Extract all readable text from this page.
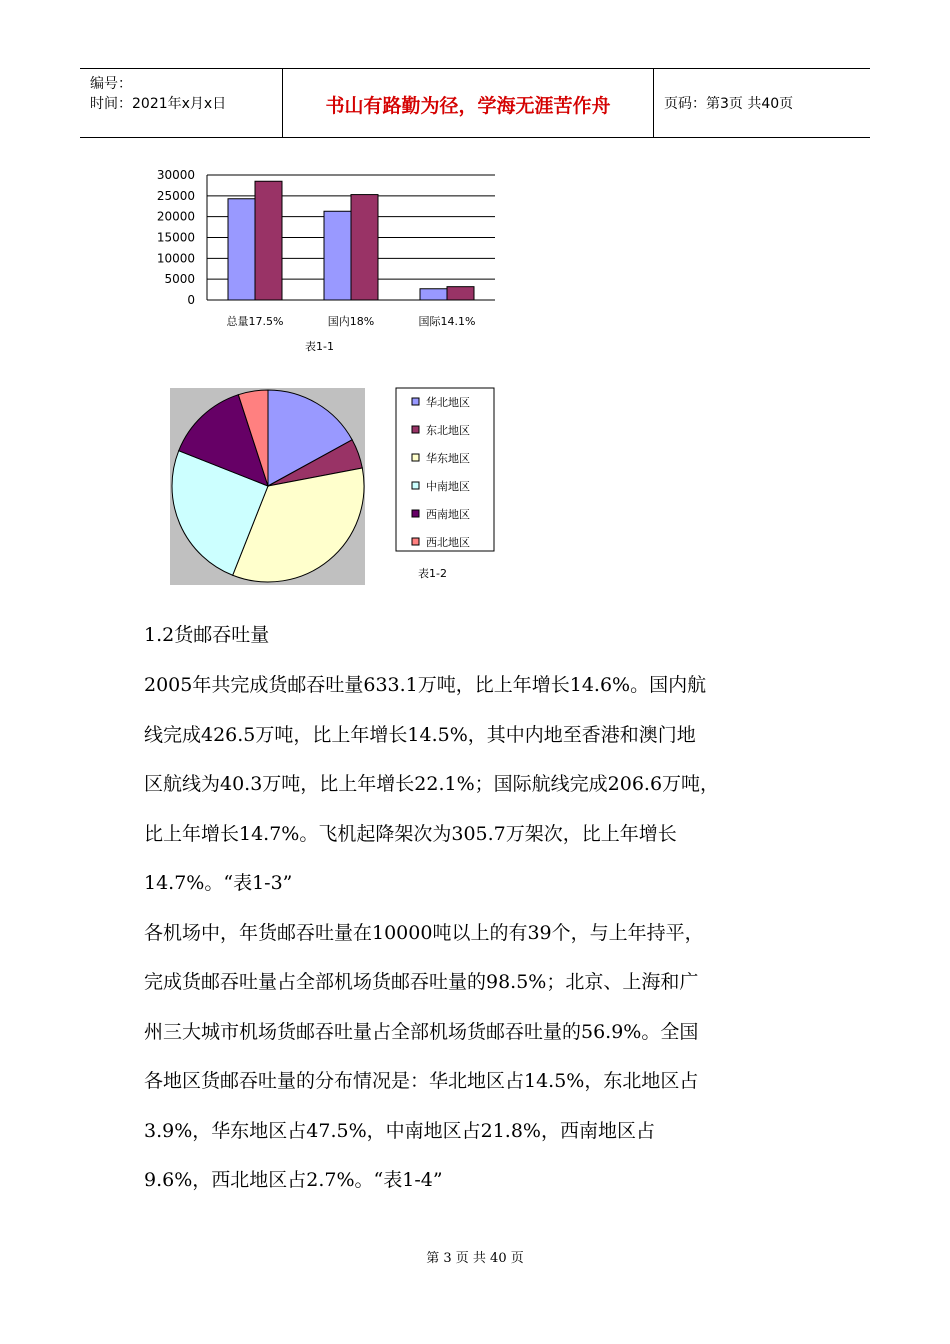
编号：
时间：2021年x月x日	书山有路勤为径，学海无涯苦作舟	页码：第3页 共40页
30000
25000
20000
15000
10000
5000
0
总量17.5%	国内18%	国际14.1%
表1-1
华北地区
东北地区
华东地区
中南地区
西南地区
西北地区
表1-2
1.2货邮吞吐量
2005年共完成货邮吞吐量633.1万吨，比上年增长14.6%。国内航
线完成426.5万吨，比上年增长14.5%，其中内地至香港和澳门地
区航线为40.3万吨，比上年增长22.1%；国际航线完成206.6万吨，
比上年增长14.7%。飞机起降架次为305.7万架次，比上年增长
14.7%。“表1-3”
各机场中，年货邮吞吐量在10000吨以上的有39个，与上年持平，
完成货邮吞吐量占全部机场货邮吞吐量的98.5%；北京、上海和广
州三大城市机场货邮吞吐量占全部机场货邮吞吐量的56.9%。全国
各地区货邮吞吐量的分布情况是：华北地区占14.5%，东北地区占
3.9%，华东地区占47.5%，中南地区占21.8%，西南地区占
9.6%，西北地区占2.7%。“表1-4”
第 3 页 共 40 页
